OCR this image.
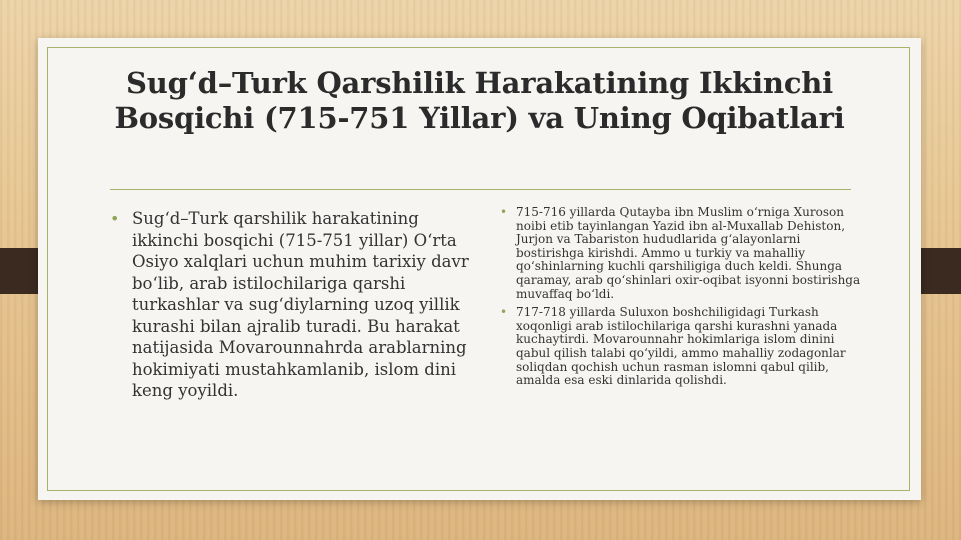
Sug‘d–Turk Qarshilik Harakatining Ikkinchi
Bosqichi (715-751 Yillar) va Uning Oqibatlari
• Sug‘d–Turk qarshilik harakatining ikkinchi bosqichi (715-751 yillar) O‘rta Osiyo xalqlari uchun muhim tarixiy davr bo‘lib, arab istilochilariga qarshi turkashlar va sug‘diylarning uzoq yillik kurashi bilan ajralib turadi. Bu harakat natijasida Movarounnahrda arablarning hokimiyati mustahkamlanib, islom dini keng yoyildi.
• 715-716 yillarda Qutayba ibn Muslim o‘rniga Xuroson noibi etib tayinlangan Yazid ibn al-Muxallab Dehiston, Jurjon va Tabariston hududlarida g‘alayonlarni bostirishga kirishdi. Ammo u turkiy va mahalliy qo‘shinlarning kuchli qarshiligiga duch keldi. Shunga qaramay, arab qo‘shinlari oxir-oqibat isyonni bostirishga muvaffaq bo‘ldi.
• 717-718 yillarda Suluxon boshchiligidagi Turkash xoqonligi arab istilochilariga qarshi kurashni yanada kuchaytirdi. Movarounnahr hokimlariga islom dinini qabul qilish talabi qo‘yildi, ammo mahalliy zodagonlar soliqdan qochish uchun rasman islomni qabul qilib, amalda esa eski dinlarida qolishdi.
